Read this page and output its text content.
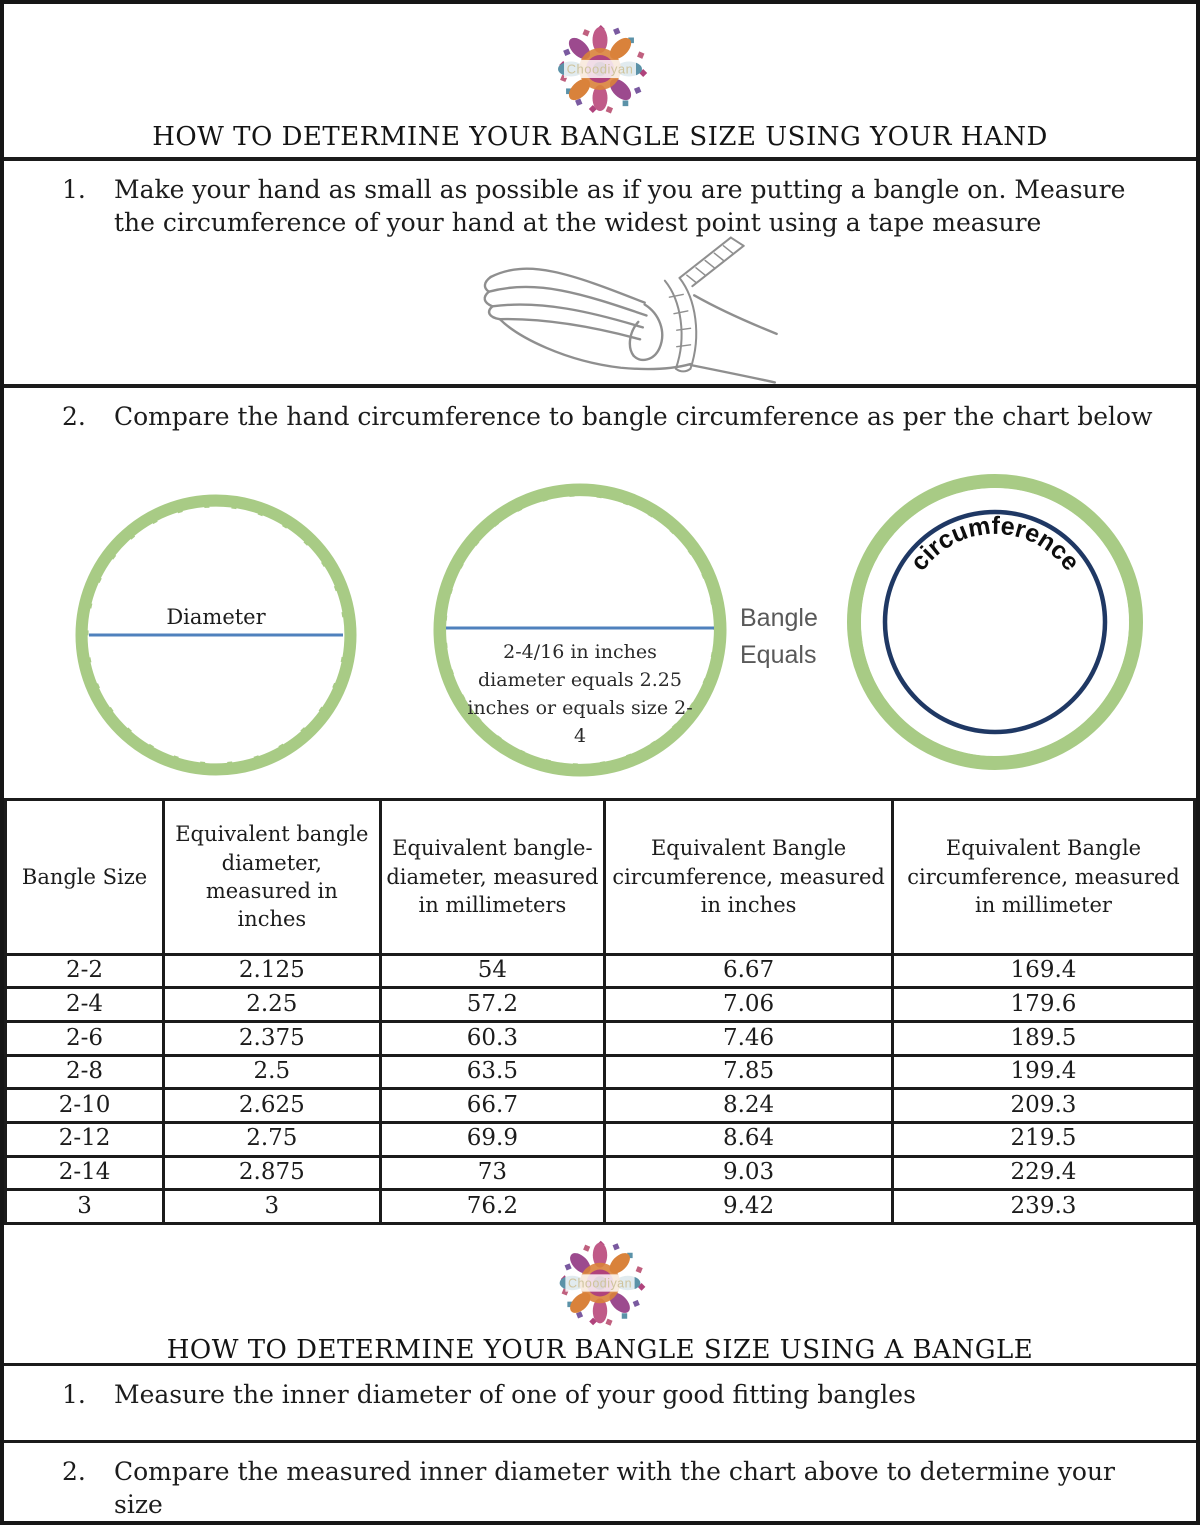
Choodiyan
HOW TO DETERMINE YOUR BANGLE SIZE USING YOUR HAND
1.	Make your hand as small as possible as if you are putting a bangle on. Measure the circumference of your hand at the widest point using a tape measure
2.	Compare the hand circumference to bangle circumference as per the chart below
Diameter
2-4/16 in inches
diameter equals 2.25
inches or equals size 2-
4
Bangle
Equals
circumference
Bangle Size	Equivalent bangle diameter, measured in inches	Equivalent bangle- diameter, measured in millimeters	Equivalent Bangle circumference, measured in inches	Equivalent Bangle circumference, measured in millimeter
2-2	2.125	54	6.67	169.4
2-4	2.25	57.2	7.06	179.6
2-6	2.375	60.3	7.46	189.5
2-8	2.5	63.5	7.85	199.4
2-10	2.625	66.7	8.24	209.3
2-12	2.75	69.9	8.64	219.5
2-14	2.875	73	9.03	229.4
3	3	76.2	9.42	239.3
Choodiyan
HOW TO DETERMINE YOUR BANGLE SIZE USING A BANGLE
1.	Measure the inner diameter of one of your good fitting bangles
2.	Compare the measured inner diameter with the chart above to determine your size
